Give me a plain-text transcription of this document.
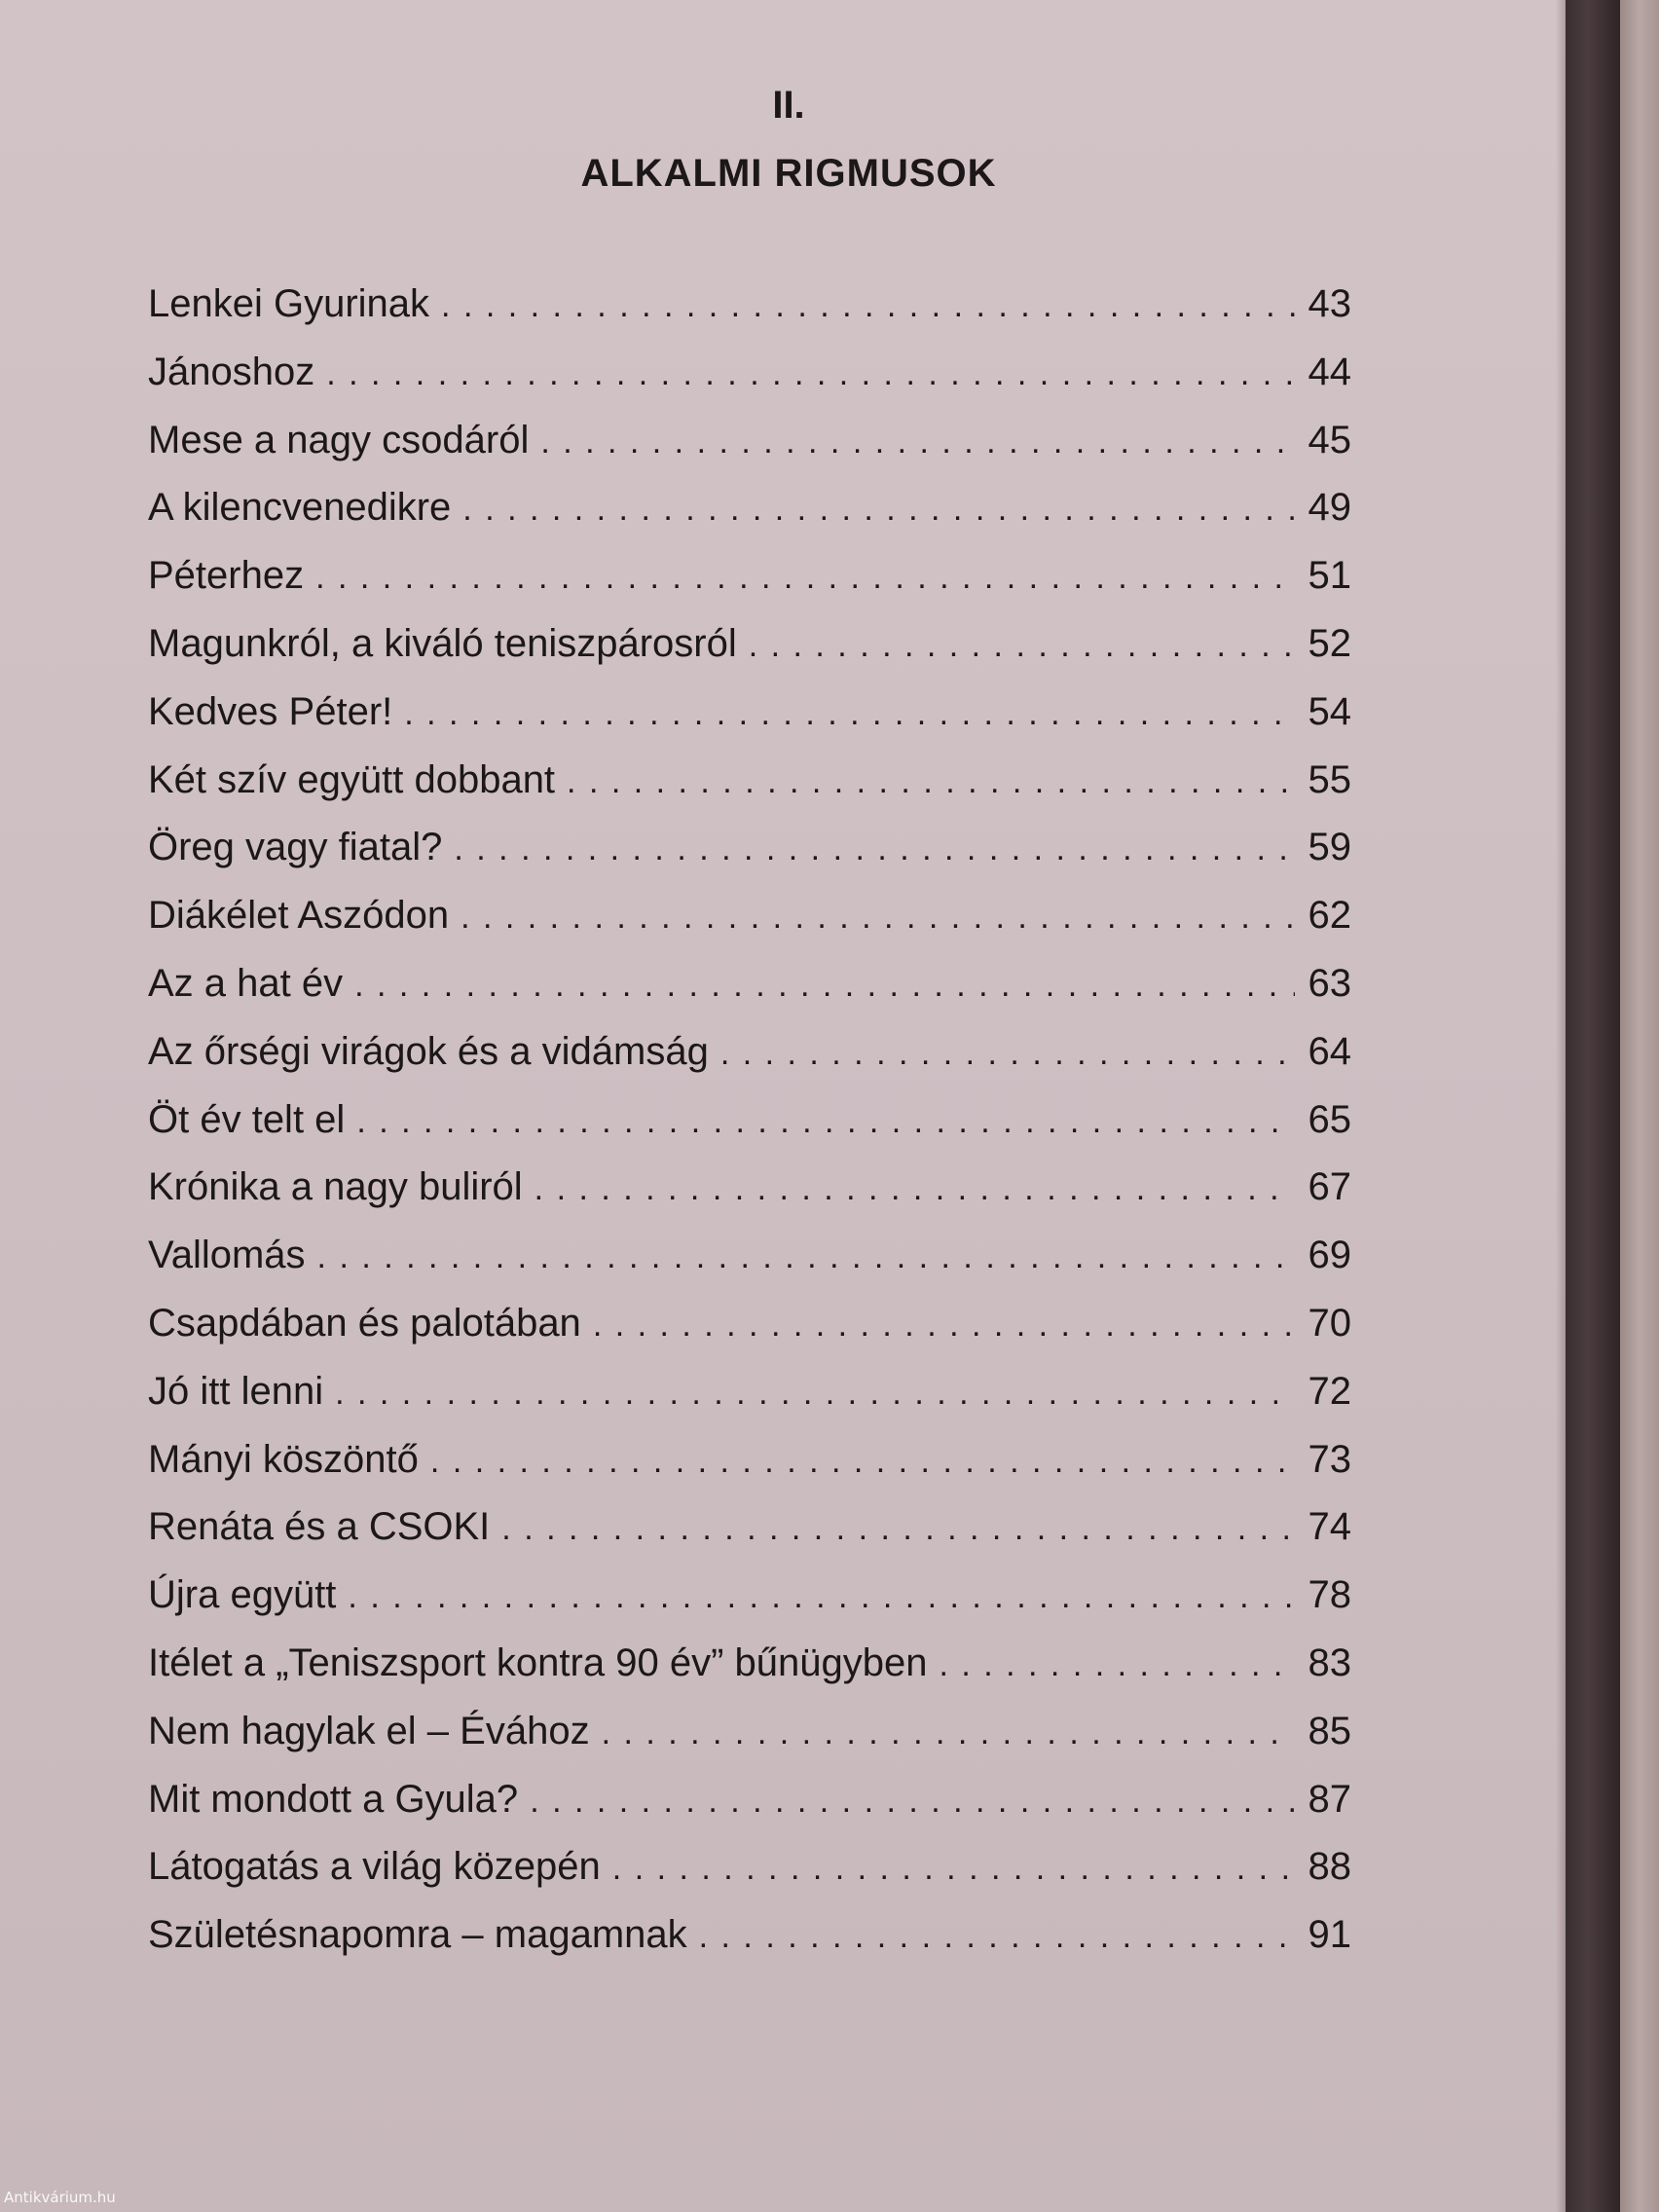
II.
ALKALMI RIGMUSOK
Lenkei Gyurinak . . .	43
Jánoshoz . . .	44
Mese a nagy csodáról . . .	45
A kilencvenedikre . . .	49
Péterhez . . .	51
Magunkról, a kiváló teniszpárosról . . .	52
Kedves Péter! . . .	54
Két szív együtt dobbant . . .	55
Öreg vagy fiatal? . . .	59
Diákélet Aszódon . . .	62
Az a hat év . . .	63
Az őrségi virágok és a vidámság . . .	64
Öt év telt el . . .	65
Krónika a nagy buliról . . .	67
Vallomás . . .	69
Csapdában és palotában . . .	70
Jó itt lenni . . .	72
Mányi köszöntő . . .	73
Renáta és a CSOKI . . .	74
Újra együtt . . .	78
Itélet a „Teniszsport kontra 90 év” bűnügyben . . .	83
Nem hagylak el – Évához . . .	85
Mit mondott a Gyula? . . .	87
Látogatás a világ közepén . . .	88
Születésnapomra – magamnak . . .	91
Antikvárium.hu
